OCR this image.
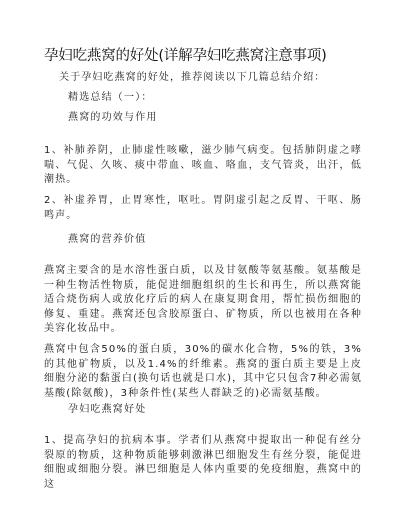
孕妇吃燕窝的好处(详解孕妇吃燕窝注意事项)
关于孕妇吃燕窝的好处，推荐阅读以下几篇总结介绍：
精选总结（一）：
燕窝的功效与作用
1、补肺养阴，止肺虚性咳嗽，滋少肺气病变。包括肺阴虚之哮喘、气促、久咳、痰中带血、咳血、咯血，支气管炎，出汗，低潮热。
2、补虚养胃，止胃寒性，呕吐。胃阴虚引起之反胃、干呕、肠鸣声。
燕窝的营养价值
燕窝主要含的是水溶性蛋白质，以及甘氨酸等氨基酸。氨基酸是一种生物活性物质，能促进细胞组织的生长和再生，所以燕窝能适合烧伤病人或放化疗后的病人在康复期食用，帮忙损伤细胞的修复、重建。燕窝还包含胶原蛋白、矿物质，所以也被用在各种美容化妆品中。
燕窝中包含50%的蛋白质，30%的碳水化合物，5%的铁，3%的其他矿物质，以及1.4%的纤维素。燕窝的蛋白质主要是上皮细胞分泌的黏蛋白(换句话也就是口水)，其中它只包含7种必需氨基酸(除氨酸)，3种条件性(某些人群缺乏的)必需氨基酸。
孕妇吃燕窝好处
1、提高孕妇的抗病本事。学者们从燕窝中提取出一种促有丝分裂原的物质，这种物质能够刺激淋巴细胞发生有丝分裂，能促进细胞或细胞分裂。淋巴细胞是人体内重要的免疫细胞，燕窝中的这
